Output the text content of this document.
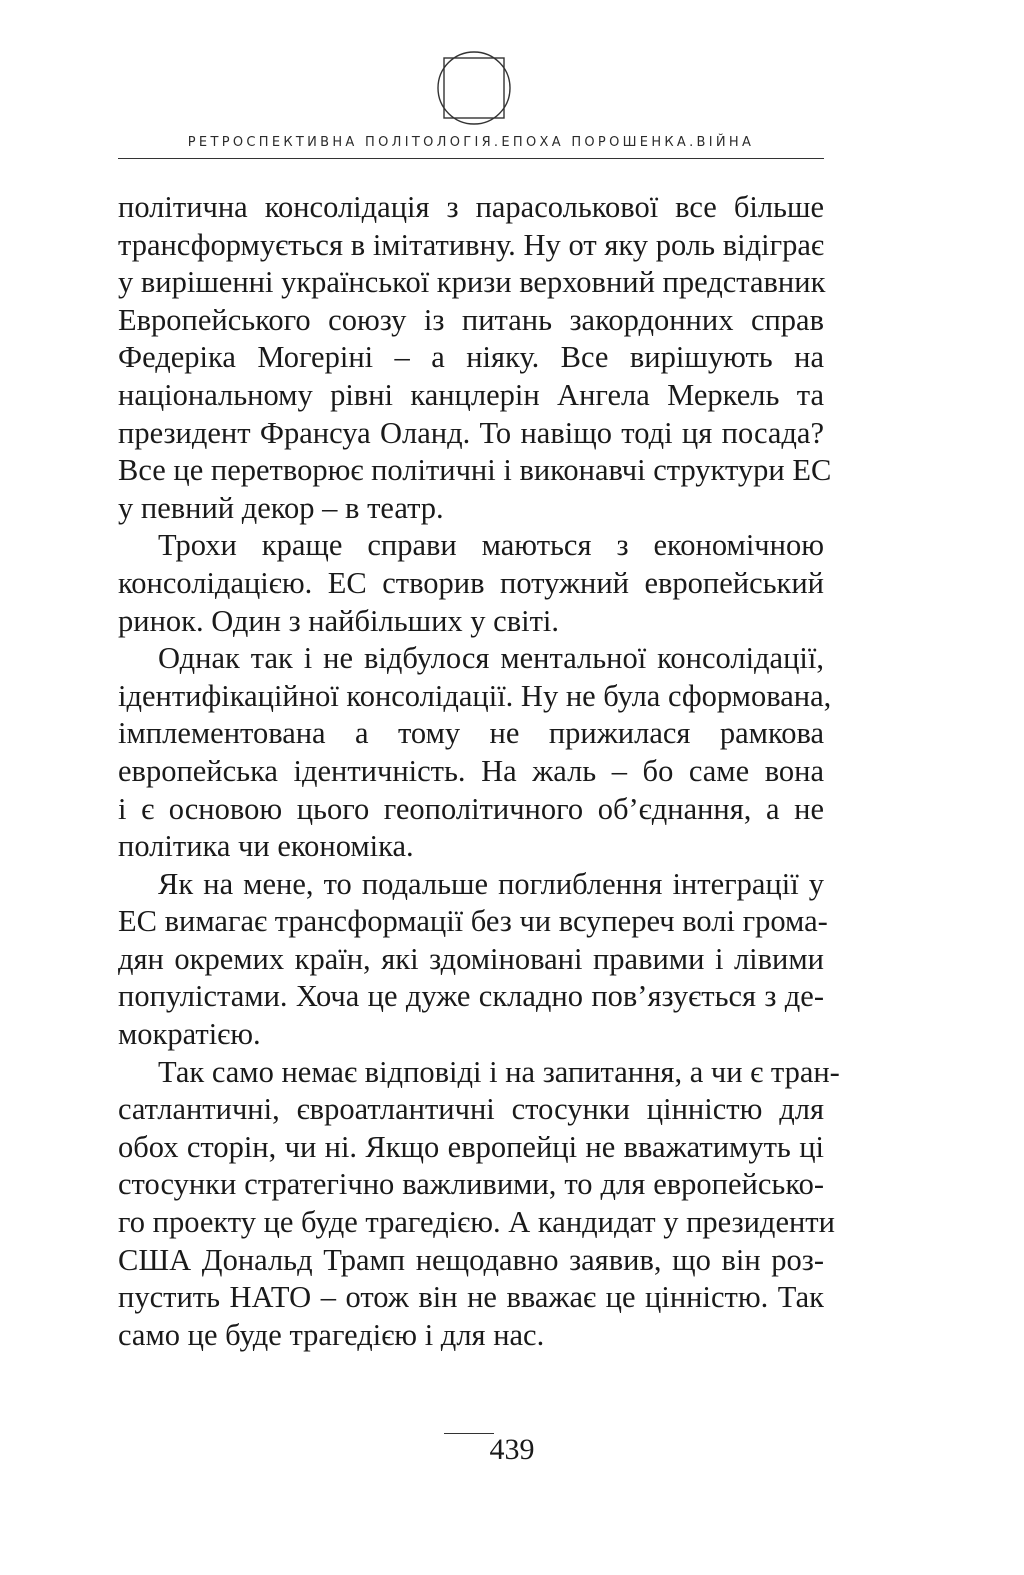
РЕТРОСПЕКТИВНА ПОЛІТОЛОГІЯ.ЕПОХА ПОРОШЕНКА.ВІЙНА

політична консолідація з парасолькової все більше
трансформується в імітативну. Ну от яку роль відіграє
у вирішенні української кризи верховний представник
Европейського союзу із питань закордонних справ
Федеріка Могеріні – а ніяку. Все вирішують на
національному рівні канцлерін Ангела Меркель та
президент Франсуа Оланд. То навіщо тоді ця посада?
Все це перетворює політичні і виконавчі структури ЕС
у певний декор – в театр.

Трохи краще справи маються з економічною
консолідацією. ЕС створив потужний европейський
ринок. Один з найбільших у світі.

Однак так і не відбулося ментальної консолідації,
ідентифікаційної консолідації. Ну не була сформована,
імплементована а тому не прижилася рамкова
европейська ідентичність. На жаль – бо саме вона
і є основою цього геополітичного об’єднання, а не
політика чи економіка.

Як на мене, то подальше поглиблення інтеграції у
ЕС вимагає трансформації без чи всупереч волі грома-
дян окремих країн, які здоміновані правими і лівими
популістами. Хоча це дуже складно пов’язується з де-
мократією.

Так само немає відповіді і на запитання, а чи є тран-
сатлантичні, євроатлантичні стосунки цінністю для
обох сторін, чи ні. Якщо европейці не вважатимуть ці
стосунки стратегічно важливими, то для европейсько-
го проекту це буде трагедією. А кандидат у президенти
США Дональд Трамп нещодавно заявив, що він роз-
пустить НАТО – отож він не вважає це цінністю. Так
само це буде трагедією і для нас.

439
